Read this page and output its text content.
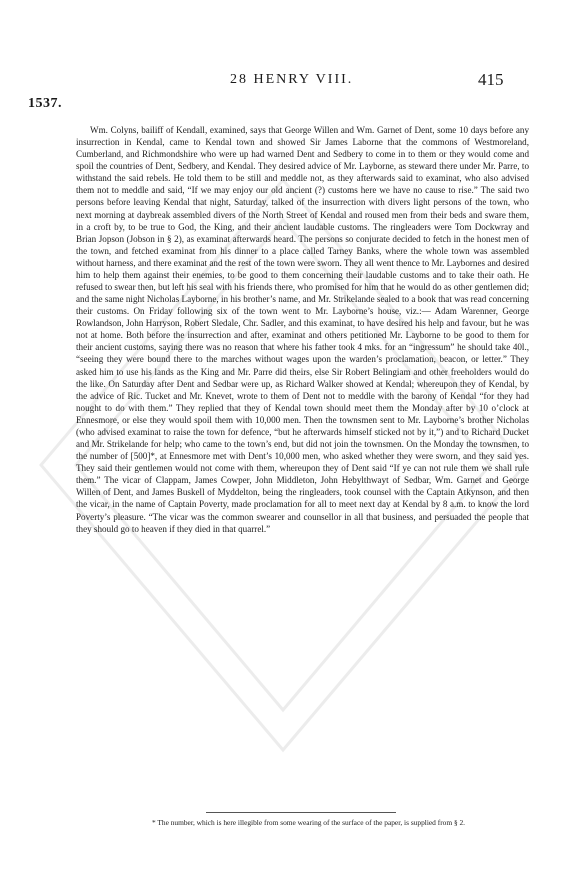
28 HENRY VIII.	415
1537.

Wm. Colyns, bailiff of Kendall, examined, says that George Willen and Wm. Garnet of Dent, some 10 days before any insurrection in Kendal, came to Kendal town and showed Sir James Laborne that the commons of Westmoreland, Cumberland, and Richmondshire who were up had warned Dent and Sedbery to come in to them or they would come and spoil the countries of Dent, Sedbery, and Kendal. They desired advice of Mr. Layborne, as steward there under Mr. Parre, to withstand the said rebels. He told them to be still and meddle not, as they afterwards said to examinat, who also advised them not to meddle and said, “If we may enjoy our old ancient (?) customs here we have no cause to rise.” The said two persons before leaving Kendal that night, Saturday, talked of the insurrection with divers light persons of the town, who next morning at daybreak assembled divers of the North Street of Kendal and roused men from their beds and sware them, in a croft by, to be true to God, the King, and their ancient laudable customs. The ringleaders were Tom Dockwray and Brian Jopson (Jobson in § 2), as examinat afterwards heard. The persons so conjurate decided to fetch in the honest men of the town, and fetched examinat from his dinner to a place called Tarney Banks, where the whole town was assembled without harness, and there examinat and the rest of the town were sworn. They all went thence to Mr. Laybornes and desired him to help them against their enemies, to be good to them concerning their laudable customs and to take their oath. He refused to swear then, but left his seal with his friends there, who promised for him that he would do as other gentlemen did; and the same night Nicholas Layborne, in his brother’s name, and Mr. Strikelande sealed to a book that was read concerning their customs. On Friday following six of the town went to Mr. Layborne’s house, viz.:— Adam Warenner, George Rowlandson, John Harryson, Robert Sledale, Chr. Sadler, and this examinat, to have desired his help and favour, but he was not at home. Both before the insurrection and after, examinat and others petitioned Mr. Layborne to be good to them for their ancient customs, saying there was no reason that where his father took 4 mks. for an “ingressum” he should take 40l., “seeing they were bound there to the marches without wages upon the warden’s proclamation, beacon, or letter.” They asked him to use his lands as the King and Mr. Parre did theirs, else Sir Robert Belingiam and other freeholders would do the like. On Saturday after Dent and Sedbar were up, as Richard Walker showed at Kendal; whereupon they of Kendal, by the advice of Ric. Tucket and Mr. Knevet, wrote to them of Dent not to meddle with the barony of Kendal “for they had nought to do with them.” They replied that they of Kendal town should meet them the Monday after by 10 o’clock at Ennesmore, or else they would spoil them with 10,000 men. Then the townsmen sent to Mr. Layborne’s brother Nicholas (who advised examinat to raise the town for defence, “but he afterwards himself sticked not by it,”) and to Richard Ducket and Mr. Strikelande for help; who came to the town’s end, but did not join the townsmen. On the Monday the townsmen, to the number of [500]*, at Ennesmore met with Dent’s 10,000 men, who asked whether they were sworn, and they said yes. They said their gentlemen would not come with them, whereupon they of Dent said “If ye can not rule them we shall rule them.” The vicar of Clappam, James Cowper, John Middleton, John Hebylthwayt of Sedbar, Wm. Garnet and George Willen of Dent, and James Buskell of Myddelton, being the ringleaders, took counsel with the Captain Atkynson, and then the vicar, in the name of Captain Poverty, made proclamation for all to meet next day at Kendal by 8 a.m. to know the lord Poverty’s pleasure. “The vicar was the common swearer and counsellor in all that business, and persuaded the people that they should go to heaven if they died in that quarrel.”

* The number, which is here illegible from some wearing of the surface of the paper, is supplied from § 2.
